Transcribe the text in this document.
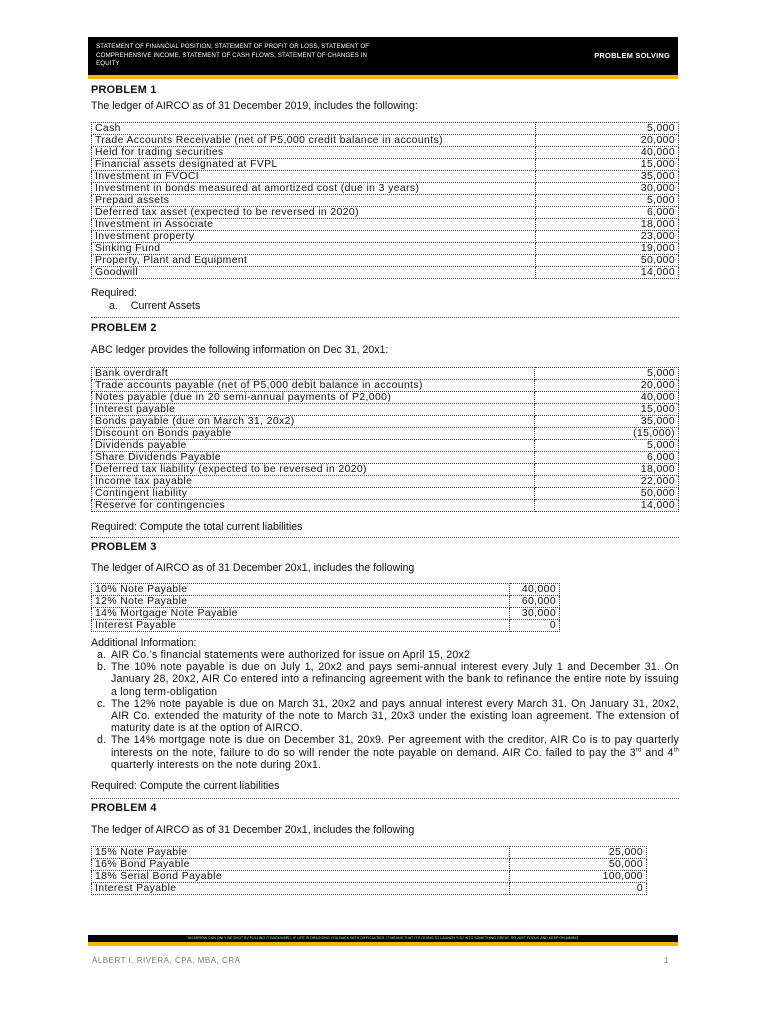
STATEMENT OF FINANCIAL POSITION, STATEMENT OF PROFIT OR LOSS, STATEMENT OF COMPREHENSIVE INCOME, STATEMENT OF CASH FLOWS, STATEMENT OF CHANGES IN EQUITY
PROBLEM SOLVING
PROBLEM 1
The ledger of AIRCO as of 31 December 2019, includes the following:
Cash	5,000
Trade Accounts Receivable (net of P5,000 credit balance in accounts)	20,000
Held for trading securities	40,000
Financial assets designated at FVPL	15,000
Investment in FVOCI	35,000
Investment in bonds measured at amortized cost (due in 3 years)	30,000
Prepaid assets	5,000
Deferred tax asset (expected to be reversed in 2020)	6,000
Investment in Associate	18,000
Investment property	23,000
Sinking Fund	19,000
Property, Plant and Equipment	50,000
Goodwill	14,000
Required:
a. Current Assets
PROBLEM 2
ABC ledger provides the following information on Dec 31, 20x1:
Bank overdraft	5,000
Trade accounts payable (net of P5,000 debit balance in accounts)	20,000
Notes payable (due in 20 semi-annual payments of P2,000)	40,000
Interest payable	15,000
Bonds payable (due on March 31, 20x2)	35,000
Discount on Bonds payable	(15,000)
Dividends payable	5,000
Share Dividends Payable	6,000
Deferred tax liability (expected to be reversed in 2020)	18,000
Income tax payable	22,000
Contingent liability	50,000
Reserve for contingencies	14,000
Required: Compute the total current liabilities
PROBLEM 3
The ledger of AIRCO as of 31 December 20x1, includes the following
10% Note Payable	40,000
12% Note Payable	60,000
14% Mortgage Note Payable	30,000
Interest Payable	0
Additional Information:
a. AIR Co.’s financial statements were authorized for issue on April 15, 20x2
b. The 10% note payable is due on July 1, 20x2 and pays semi-annual interest every July 1 and December 31. On January 28, 20x2, AIR Co entered into a refinancing agreement with the bank to refinance the entire note by issuing a long term-obligation
c. The 12% note payable is due on March 31, 20x2 and pays annual interest every March 31. On January 31, 20x2, AIR Co. extended the maturity of the note to March 31, 20x3 under the existing loan agreement. The extension of maturity date is at the option of AIRCO.
d. The 14% mortgage note is due on December 31, 20x9. Per agreement with the creditor, AIR Co is to pay quarterly interests on the note, failure to do so will render the note payable on demand. AIR Co. failed to pay the 3rd and 4th quarterly interests on the note during 20x1.
Required: Compute the current liabilities
PROBLEM 4
The ledger of AIRCO as of 31 December 20x1, includes the following
15% Note Payable	25,000
16% Bond Payable	50,000
18% Serial Bond Payable	100,000
Interest Payable	0
"AN ARROW CAN ONLY BE SHOT BY PULLING IT BACKWARD. IF LIFE IS DRAGGING YOU BACK WITH DIFFICULTIES, IT MEANS THAT IT'S GOING TO LAUNCH YOU INTO SOMETHING GREAT. SO JUST FOCUS AND KEEP ON AIMING"
ALBERT I. RIVERA, CPA, MBA, CRA	1
